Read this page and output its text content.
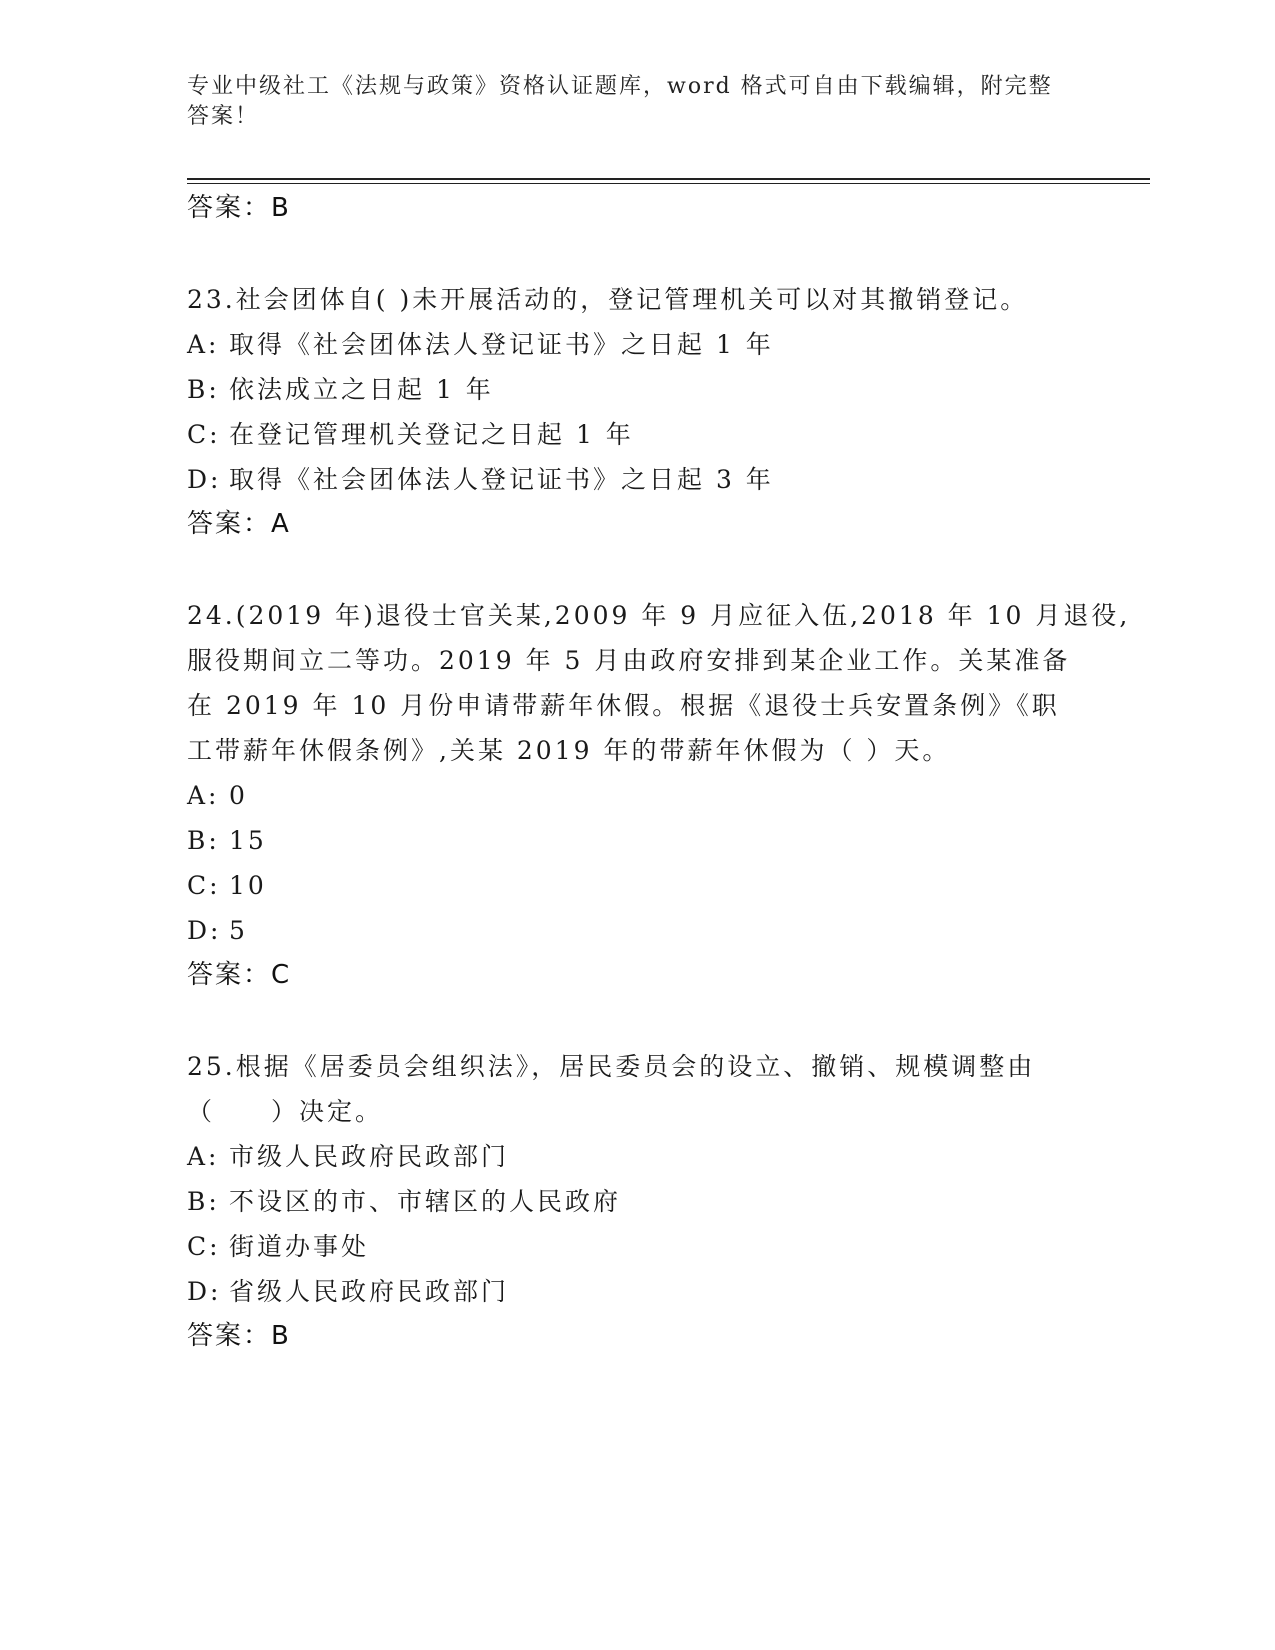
专业中级社工《法规与政策》资格认证题库，word 格式可自由下载编辑，附完整
答案！
答案：B
23.社会团体自( )未开展活动的，登记管理机关可以对其撤销登记。
A: 取得《社会团体法人登记证书》之日起 1 年
B: 依法成立之日起 1 年
C: 在登记管理机关登记之日起 1 年
D: 取得《社会团体法人登记证书》之日起 3 年
答案：A
24.(2019 年)退役士官关某,2009 年 9 月应征入伍,2018 年 10 月退役,
服役期间立二等功。2019 年 5 月由政府安排到某企业工作。关某准备
在 2019 年 10 月份申请带薪年休假。根据《退役士兵安置条例》《职
工带薪年休假条例》,关某 2019 年的带薪年休假为（ ）天。
A: 0
B: 15
C: 10
D: 5
答案：C
25.根据《居委员会组织法》，居民委员会的设立、撤销、规模调整由
（　　）决定。
A: 市级人民政府民政部门
B: 不设区的市、市辖区的人民政府
C: 街道办事处
D: 省级人民政府民政部门
答案：B
